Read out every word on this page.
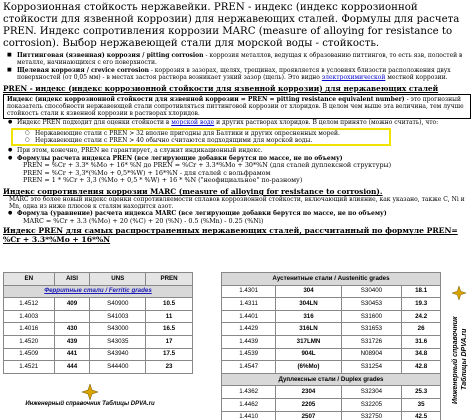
Коррозионная стойкость нержавейки. PREN - индекс (индекс коррозионной стойкости для язвенной коррозии) для нержавеющих сталей. Формулы для расчета PREN. Индекс сопротивления коррозии MARC (measure of alloying for resistance to corrosion). Выбор нержавеющей стали для морской воды - стойкость.
■ Питтинговая (язвенная) коррозия / pitting corrosion - коррозия металлов, ведущая к образованию питтингов, то есть язв, полостей в металле, начинающихся с его поверхности.
■ Щелевая коррозия / crevice corrosion - коррозия в зазорах, щелях, трещинах, проявляется в условиях близости расположения двух поверхностей (от 0,05 мм) - в местах застоя раствора возникает узкий зазор (щель). Это видно электрохимической местной коррозии.
PREN - индекс (индекс коррозионной стойкости для язвенной коррозии) для нержавеющих сталей
Индекс (индекс коррозионной стойкости для язвенной коррозии = PREN = pitting resistance equivalent number) - это прогнозный показатель способности нержавеющей стали сопротивляться питтинговой коррозии от хлоридов. В целом чем выше эта величина, тем лучше стойкость стали к язвенной коррозии в растворах хлоридов.
● Индекс PREN подходит для оценки стойкости в морской воде и других растворах хлоридов. В целом принято (можно считать), что:
○ Нержавеющие стали с PREN > 32 вполне пригодны для Балтики и других опресненных морей.
○ Нержавеющие стали с PREN > 40 обычно считаются подходящими для морской воды.
● При этом, конечно, PREN не гарантирует, а служит индикационный индекс.
● Формулы расчета индекса PREN (все легирующие добавки берутся по массе, не по объему)
PREN = %Cr + 3.3* %Mo + 16* %N до PREN = %Cr + 3.3*%Mo + 30*%N (для сталей дуплексной структуры)
PREN = %Cr + 3,3*(%Mo + 0,5*%W) + 16*%N - для сталей с вольфрамом
PREN = 1 * %Cr + 3,3 (%Mo + 0,5 * %W) + 16 * %N ("неофициальное" по-разному)
Индекс сопротивления коррозии MARC (measure of alloying for resistance to corrosion).
MARC это более новый индекс оценки сопротивляемости сплавов коррозионной стойкости, включающий влияние, как указано, также С, Ni и Mn, одна из ниже плюсов к сталям находится азот.
● Формула (уравнение) расчета индекса MARC (все легирующие добавки берутся по массе, не по объему)
MARC = %Cr + 3.3 (%Mo) + 20 (%C) + 20 (%N) - 0.5 (%Mn) - 0.25 (%Ni)
Индекс PREN для самых распространенных нержавеющих сталей, рассчитанный по формуле PREN= %Cr + 3.3*%Mo + 16*%N
EN	AISI	UNS	PREN
Ферритные стали / Ferritic grades			
1.4512	409	S40900	10.5
1.4003		S41003	11
1.4016	430	S43000	16.5
1.4520	439	S43035	17
1.4509	441	S43940	17.5
1.4521	444	S44400	23
Инженерный справочник Таблицы DPVA.ru
Аустенитные стали / Austenitic grades			
1.4301	304	S30400	18.1
1.4311	304LN	S30453	19.3
1.4401	316	S31600	24.2
1.4429	316LN	S31653	26
1.4439	317LMN	S31726	31.6
1.4539	904L	N08904	34.8
1.4547	(6%Mo)	S31254	42.8
Дуплексные стали / Duplex grades			
1.4362	2304	S32304	25.3
1.4462	2205	S32205	35
1.4410	2507	S32750	42.5
Инженерный справочник Таблицы DPVA.ru
